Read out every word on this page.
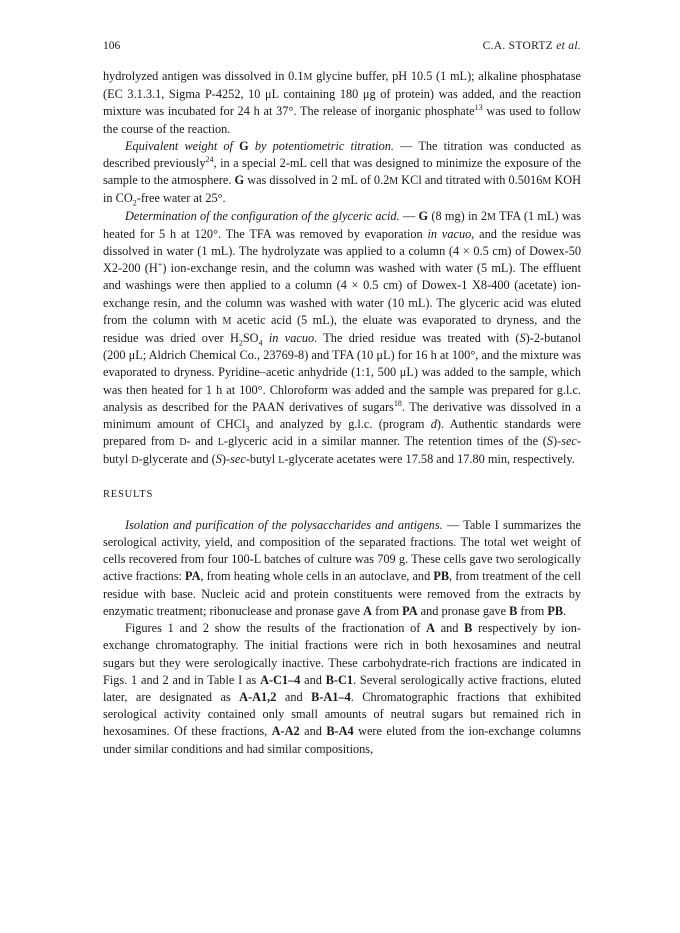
106	C.A. STORTZ et al.

hydrolyzed antigen was dissolved in 0.1M glycine buffer, pH 10.5 (1 mL); alkaline phosphatase (EC 3.1.3.1, Sigma P-4252, 10 μL containing 180 μg of protein) was added, and the reaction mixture was incubated for 24 h at 37°. The release of inorganic phosphate$^{13}$ was used to follow the course of the reaction.

Equivalent weight of G by potentiometric titration. — The titration was conducted as described previously$^{24}$, in a special 2-mL cell that was designed to minimize the exposure of the sample to the atmosphere. G was dissolved in 2 mL of 0.2M KCl and titrated with 0.5016M KOH in $CO_2$-free water at 25°.

Determination of the configuration of the glyceric acid. — G (8 mg) in 2M TFA (1 mL) was heated for 5 h at 120°. The TFA was removed by evaporation in vacuo, and the residue was dissolved in water (1 mL). The hydrolyzate was applied to a column (4 × 0.5 cm) of Dowex-50 X2-200 (H+) ion-exchange resin, and the column was washed with water (5 mL). The effluent and washings were then applied to a column (4 × 0.5 cm) of Dowex-1 X8-400 (acetate) ion-exchange resin, and the column was washed with water (10 mL). The glyceric acid was eluted from the column with M acetic acid (5 mL), the eluate was evaporated to dryness, and the residue was dried over $H_2SO_4$ in vacuo. The dried residue was treated with (S)-2-butanol (200 μL; Aldrich Chemical Co., 23769-8) and TFA (10 μL) for 16 h at 100°, and the mixture was evaporated to dryness. Pyridine–acetic anhydride (1:1, 500 μL) was added to the sample, which was then heated for 1 h at 100°. Chloroform was added and the sample was prepared for g.l.c. analysis as described for the PAAN derivatives of sugars$^{18}$. The derivative was dissolved in a minimum amount of CHCl$_3$ and analyzed by g.l.c. (program d). Authentic standards were prepared from D- and L-glyceric acid in a similar manner. The retention times of the (S)-sec-butyl D-glycerate and (S)-sec-butyl L-glycerate acetates were 17.58 and 17.80 min, respectively.

RESULTS

Isolation and purification of the polysaccharides and antigens. — Table I summarizes the serological activity, yield, and composition of the separated fractions. The total wet weight of cells recovered from four 100-L batches of culture was 709 g. These cells gave two serologically active fractions: PA, from heating whole cells in an autoclave, and PB, from treatment of the cell residue with base. Nucleic acid and protein constituents were removed from the extracts by enzymatic treatment; ribonuclease and pronase gave A from PA and pronase gave B from PB.

Figures 1 and 2 show the results of the fractionation of A and B respectively by ion-exchange chromatography. The initial fractions were rich in both hexosamines and neutral sugars but they were serologically inactive. These carbohydrate-rich fractions are indicated in Figs. 1 and 2 and in Table I as A-C1–4 and B-C1. Several serologically active fractions, eluted later, are designated as A-A1,2 and B-A1–4. Chromatographic fractions that exhibited serological activity contained only small amounts of neutral sugars but remained rich in hexosamines. Of these fractions, A-A2 and B-A4 were eluted from the ion-exchange columns under similar conditions and had similar compositions,
